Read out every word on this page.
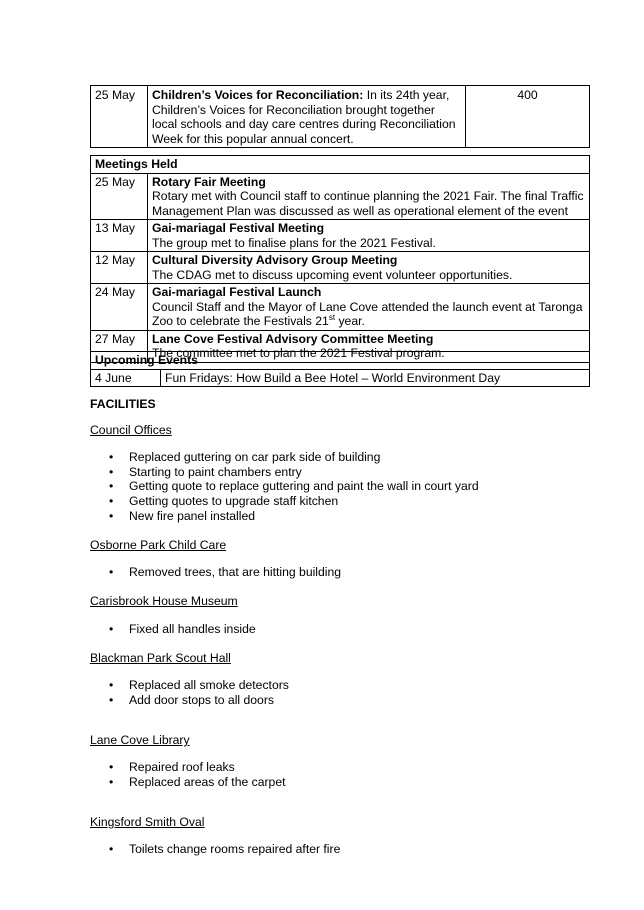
25 May	Children’s Voices for Reconciliation: In its 24th year, Children’s Voices for Reconciliation brought together local schools and day care centres during Reconciliation Week for this popular annual concert.	400
Meetings Held	
25 May	Rotary Fair Meeting
Rotary met with Council staff to continue planning the 2021 Fair. The final Traffic Management Plan was discussed as well as operational element of the event
13 May	Gai-mariagal Festival Meeting
The group met to finalise plans for the 2021 Festival.
12 May	Cultural Diversity Advisory Group Meeting
The CDAG met to discuss upcoming event volunteer opportunities.
24 May	Gai-mariagal Festival Launch
Council Staff and the Mayor of Lane Cove attended the launch event at Taronga Zoo to celebrate the Festivals 21st year.
27 May	Lane Cove Festival Advisory Committee Meeting
The committee met to plan the 2021 Festival program.
Upcoming Events
4 June	Fun Fridays: How Build a Bee Hotel – World Environment Day
FACILITIES
Council Offices
• Replaced guttering on car park side of building
• Starting to paint chambers entry
• Getting quote to replace guttering and paint the wall in court yard
• Getting quotes to upgrade staff kitchen
• New fire panel installed
Osborne Park Child Care
• Removed trees, that are hitting building
Carisbrook House Museum
• Fixed all handles inside
Blackman Park Scout Hall
• Replaced all smoke detectors
• Add door stops to all doors
Lane Cove Library
• Repaired roof leaks
• Replaced areas of the carpet
Kingsford Smith Oval
• Toilets change rooms repaired after fire
